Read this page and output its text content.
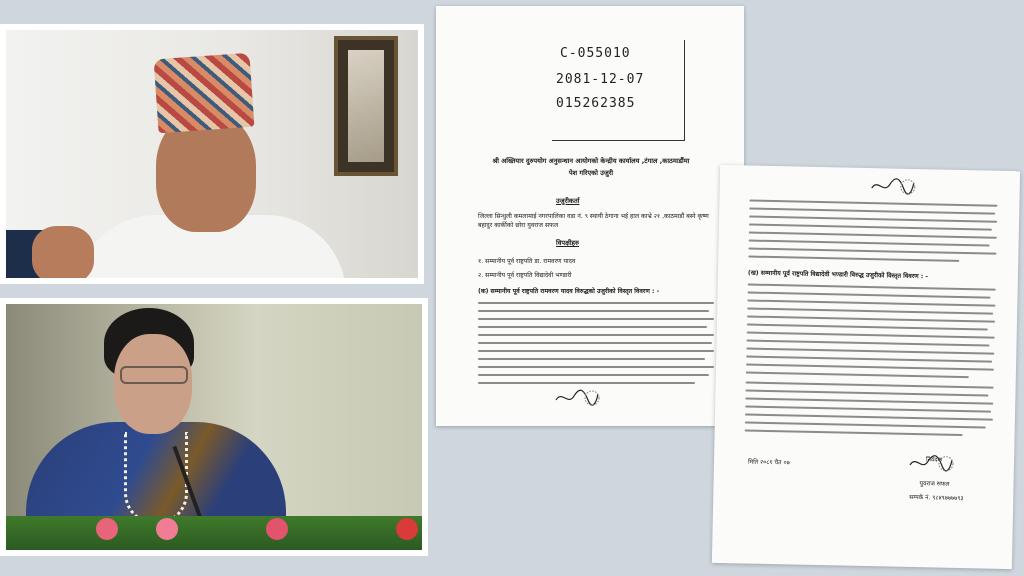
C-055010
2081-12-07
015262385
श्री अख्तियार दुरुपयोग अनुसन्धान आयोगको केन्द्रीय कार्यालय ,टंगाल ,काठमाडौंमा
पेश गरिएको उजुरी
उजुरीकर्ता
जिल्ला सिन्धुली कमलामाई नगरपालिका वडा नं. ९ स्थायी ठेगाना भई हाल काभ्रे २१ ,काठमाडौं बस्ने कृष्ण बहादुर कार्कीको छोरा युवराज सफल
विपक्षीहरु
१. सम्मानीय पूर्व राष्ट्रपति डा. रामवरण यादव
२. सम्मानीय पूर्व राष्ट्रपति विद्यादेवी भण्डारी
(क) सम्मानीय पूर्व राष्ट्रपति रामवरण यादव विरुद्धको उजुरीको विस्तृत विवरण : -
(ख) सम्मानीय पूर्व राष्ट्रपति विद्यादेवी भण्डारी विरुद्ध उजुरीको विस्तृत विवरण : -
निवेदक
मिति २०८१ चैत ०७
युवराज सफल
सम्पर्क नं. ९८४९७७७७९३
